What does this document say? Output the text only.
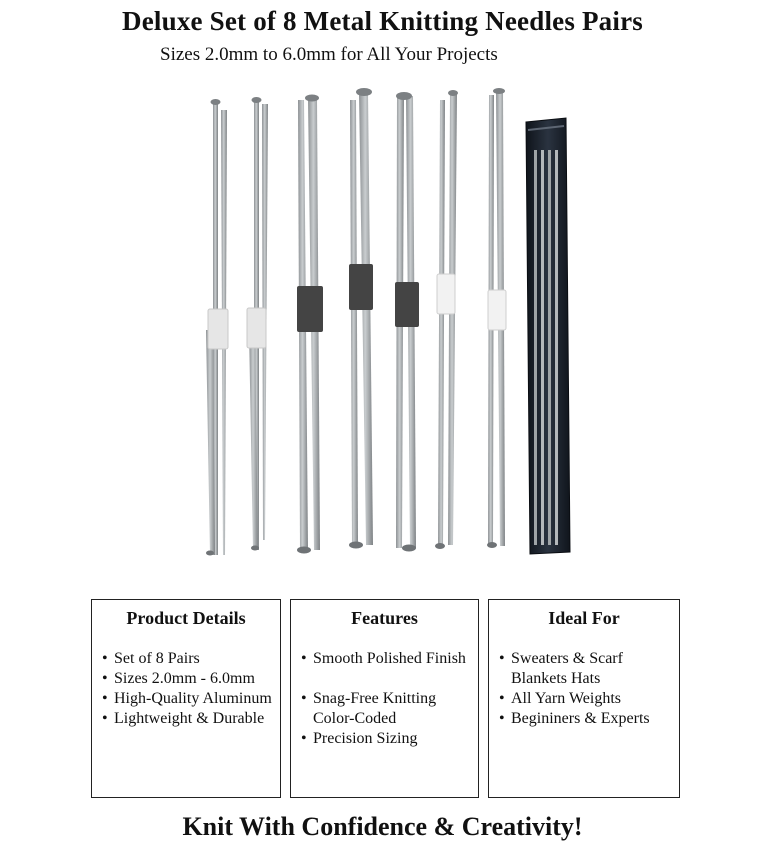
Deluxe Set of 8 Metal Knitting Needles Pairs
Sizes 2.0mm to 6.0mm for All Your Projects
Product Details
• Set of 8 Pairs
• Sizes 2.0mm - 6.0mm
• High-Quality Aluminum
• Lightweight & Durable
Features
• Smooth Polished Finish
• Snag-Free Knitting
Color-Coded
• Precision Sizing
Ideal For
• Sweaters & Scarf
Blankets Hats
• All Yarn Weights
• Begininers & Experts
Knit With Confidence & Creativity!
